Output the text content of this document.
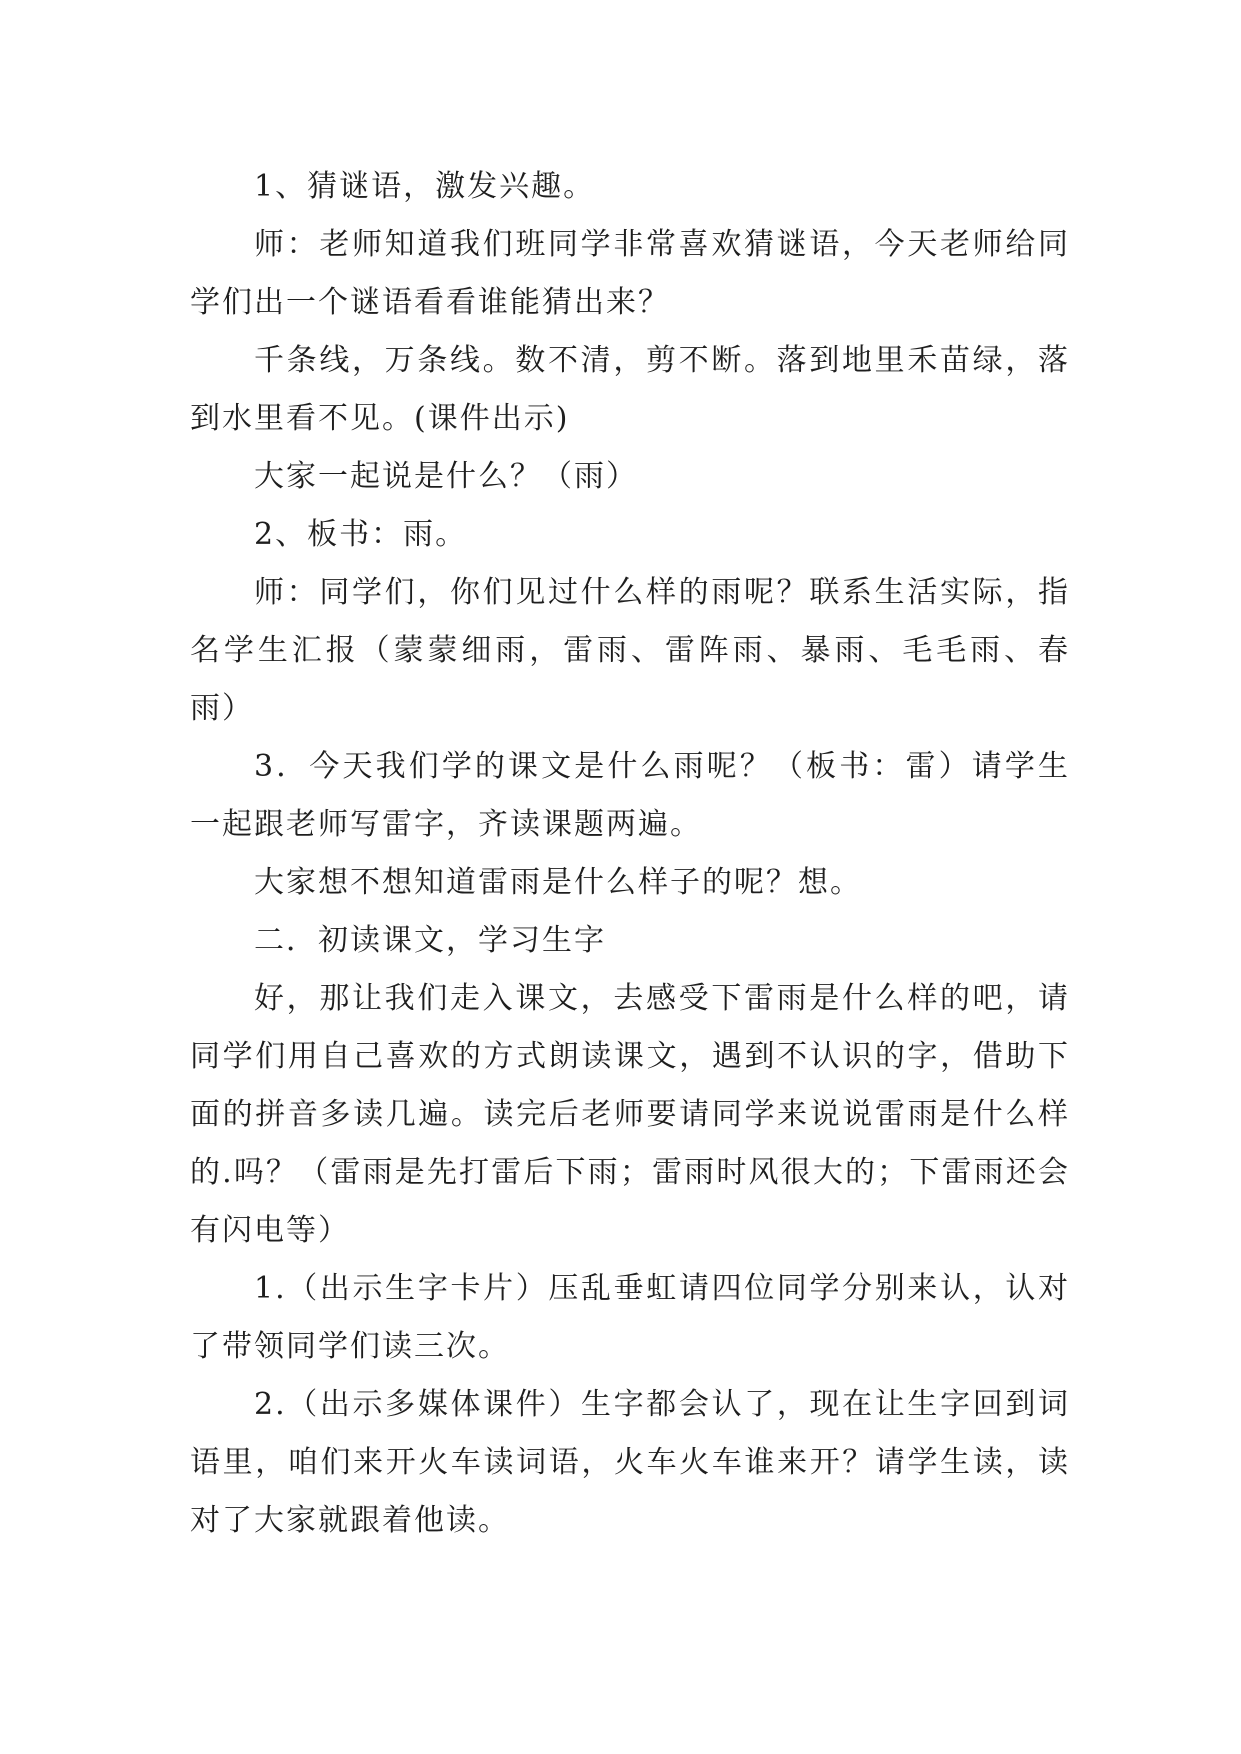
1、猜谜语，激发兴趣。

师：老师知道我们班同学非常喜欢猜谜语，今天老师给同学们出一个谜语看看谁能猜出来？

千条线，万条线。数不清，剪不断。落到地里禾苗绿，落到水里看不见。(课件出示)

大家一起说是什么？（雨）

2、板书：雨。

师：同学们，你们见过什么样的雨呢？联系生活实际，指名学生汇报（蒙蒙细雨，雷雨、雷阵雨、暴雨、毛毛雨、春雨）

3．今天我们学的课文是什么雨呢？（板书：雷）请学生一起跟老师写雷字，齐读课题两遍。

大家想不想知道雷雨是什么样子的呢？想。

二．初读课文，学习生字

好，那让我们走入课文，去感受下雷雨是什么样的吧，请同学们用自己喜欢的方式朗读课文，遇到不认识的字，借助下面的拼音多读几遍。读完后老师要请同学来说说雷雨是什么样的.吗？（雷雨是先打雷后下雨；雷雨时风很大的；下雷雨还会有闪电等）

1.（出示生字卡片）压乱垂虹请四位同学分别来认，认对了带领同学们读三次。

2.（出示多媒体课件）生字都会认了，现在让生字回到词语里，咱们来开火车读词语，火车火车谁来开？请学生读，读对了大家就跟着他读。
